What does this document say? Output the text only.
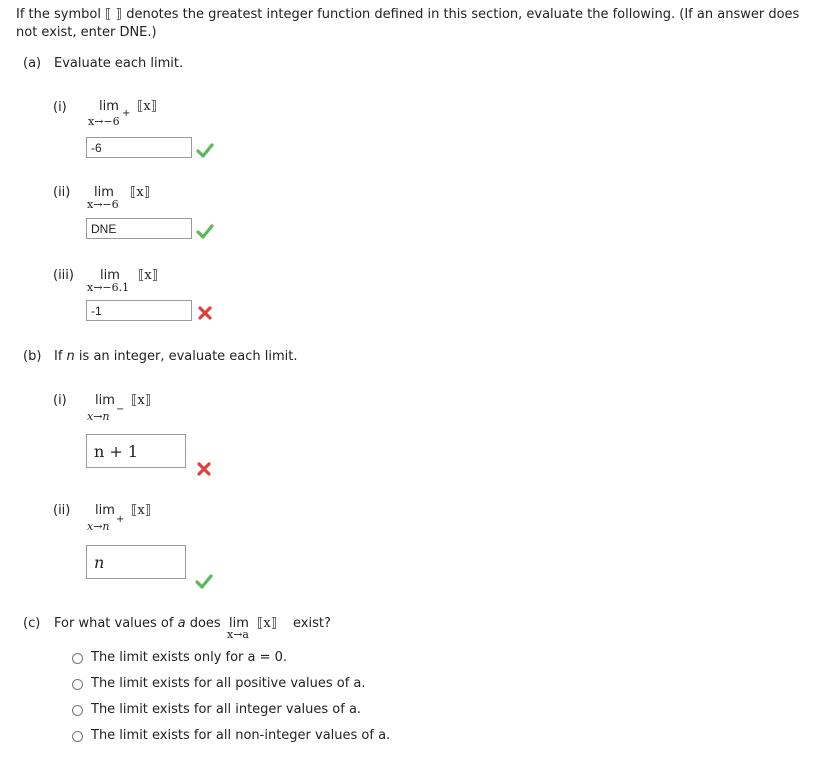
If the symbol ⟦ ⟧ denotes the greatest integer function defined in this section, evaluate the following. (If an answer does
not exist, enter DNE.)
(a) Evaluate each limit.
(i) lim
x→−6
+ ⟦x⟧
-6
(ii) lim
x→−6
⟦x⟧
DNE
(iii) lim
x→−6.1
⟦x⟧
-1
(b) If n is an integer, evaluate each limit.
(i) lim
x→n
−
⟦x⟧
n + 1
(ii) lim
x→n
+
⟦x⟧
n
(c) For what values of a does lim
x→a
⟦x⟧ exist?
The limit exists only for a = 0.
The limit exists for all positive values of a.
The limit exists for all integer values of a.
The limit exists for all non-integer values of a.
